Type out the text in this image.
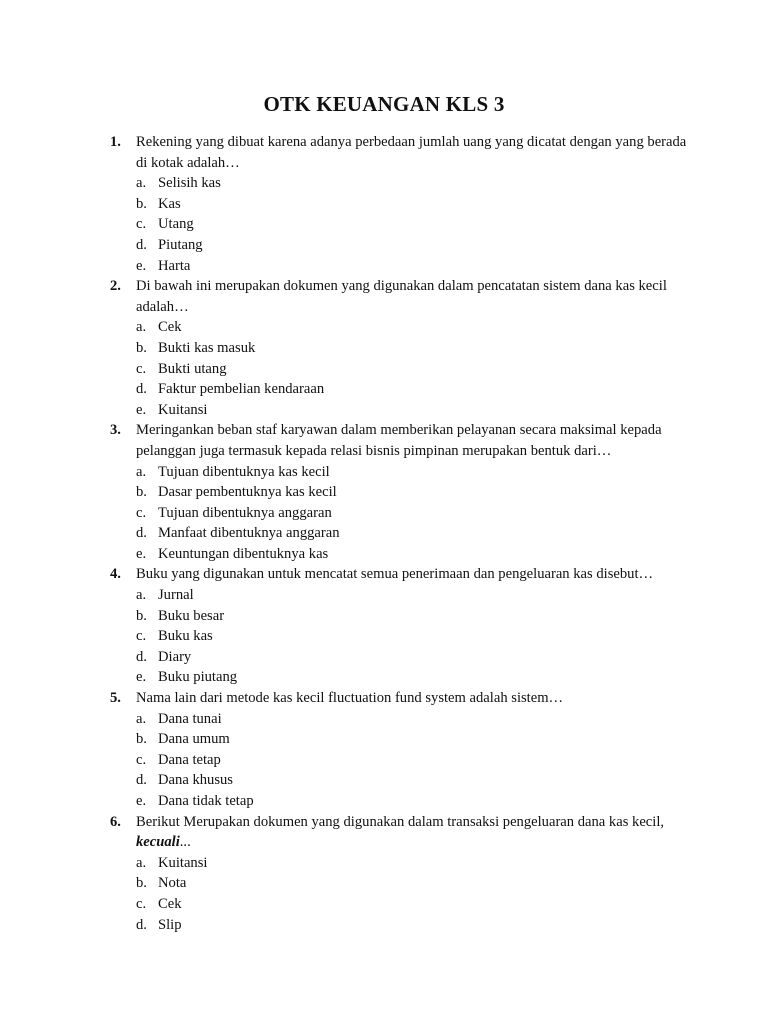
OTK KEUANGAN KLS 3
1. Rekening yang dibuat karena adanya perbedaan jumlah uang yang dicatat dengan yang berada di kotak adalah…
a. Selisih kas
b. Kas
c. Utang
d. Piutang
e. Harta
2. Di bawah ini merupakan dokumen yang digunakan dalam pencatatan sistem dana kas kecil adalah…
a. Cek
b. Bukti kas masuk
c. Bukti utang
d. Faktur pembelian kendaraan
e. Kuitansi
3. Meringankan beban staf karyawan dalam memberikan pelayanan secara maksimal kepada pelanggan juga termasuk kepada relasi bisnis pimpinan merupakan bentuk dari…
a. Tujuan dibentuknya kas kecil
b. Dasar pembentuknya kas kecil
c. Tujuan dibentuknya anggaran
d. Manfaat dibentuknya anggaran
e. Keuntungan dibentuknya kas
4. Buku yang digunakan untuk mencatat semua penerimaan dan pengeluaran kas disebut…
a. Jurnal
b. Buku besar
c. Buku kas
d. Diary
e. Buku piutang
5. Nama lain dari metode kas kecil fluctuation fund system adalah sistem…
a. Dana tunai
b. Dana umum
c. Dana tetap
d. Dana khusus
e. Dana tidak tetap
6. Berikut Merupakan dokumen yang digunakan dalam transaksi pengeluaran dana kas kecil, kecuali...
a. Kuitansi
b. Nota
c. Cek
d. Slip
